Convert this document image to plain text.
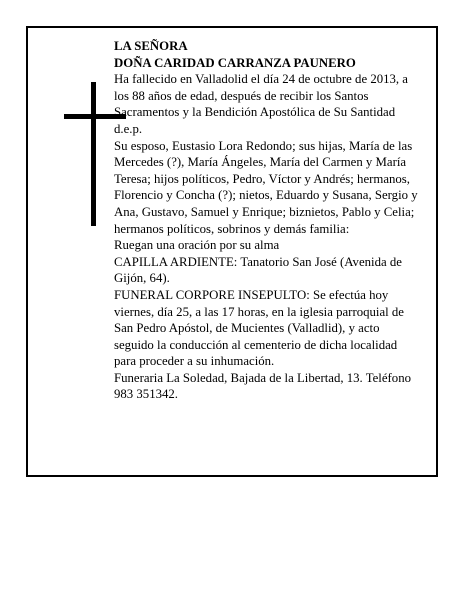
LA SEÑORA

DOÑA CARIDAD CARRANZA PAUNERO

Ha fallecido en Valladolid el día 24 de octubre de 2013, a los 88 años de edad, después de recibir los Santos Sacramentos y la Bendición Apostólica de Su Santidad d.e.p.

Su esposo, Eustasio Lora Redondo; sus hijas, María de las Mercedes (?), María Ángeles, María del Carmen y María Teresa; hijos políticos, Pedro, Víctor y Andrés; hermanos, Florencio y Concha (?); nietos, Eduardo y Susana, Sergio y Ana, Gustavo, Samuel y Enrique; biznietos, Pablo y Celia; hermanos políticos, sobrinos y demás familia:

Ruegan una oración por su alma

CAPILLA ARDIENTE: Tanatorio San José (Avenida de Gijón, 64).

FUNERAL CORPORE INSEPULTO: Se efectúa hoy viernes, día 25, a las 17 horas, en la iglesia parroquial de San Pedro Apóstol, de Mucientes (Valladlid), y acto seguido la conducción al cementerio de dicha localidad para proceder a su inhumación.

Funeraria La Soledad, Bajada de la Libertad, 13. Teléfono 983 351342.
